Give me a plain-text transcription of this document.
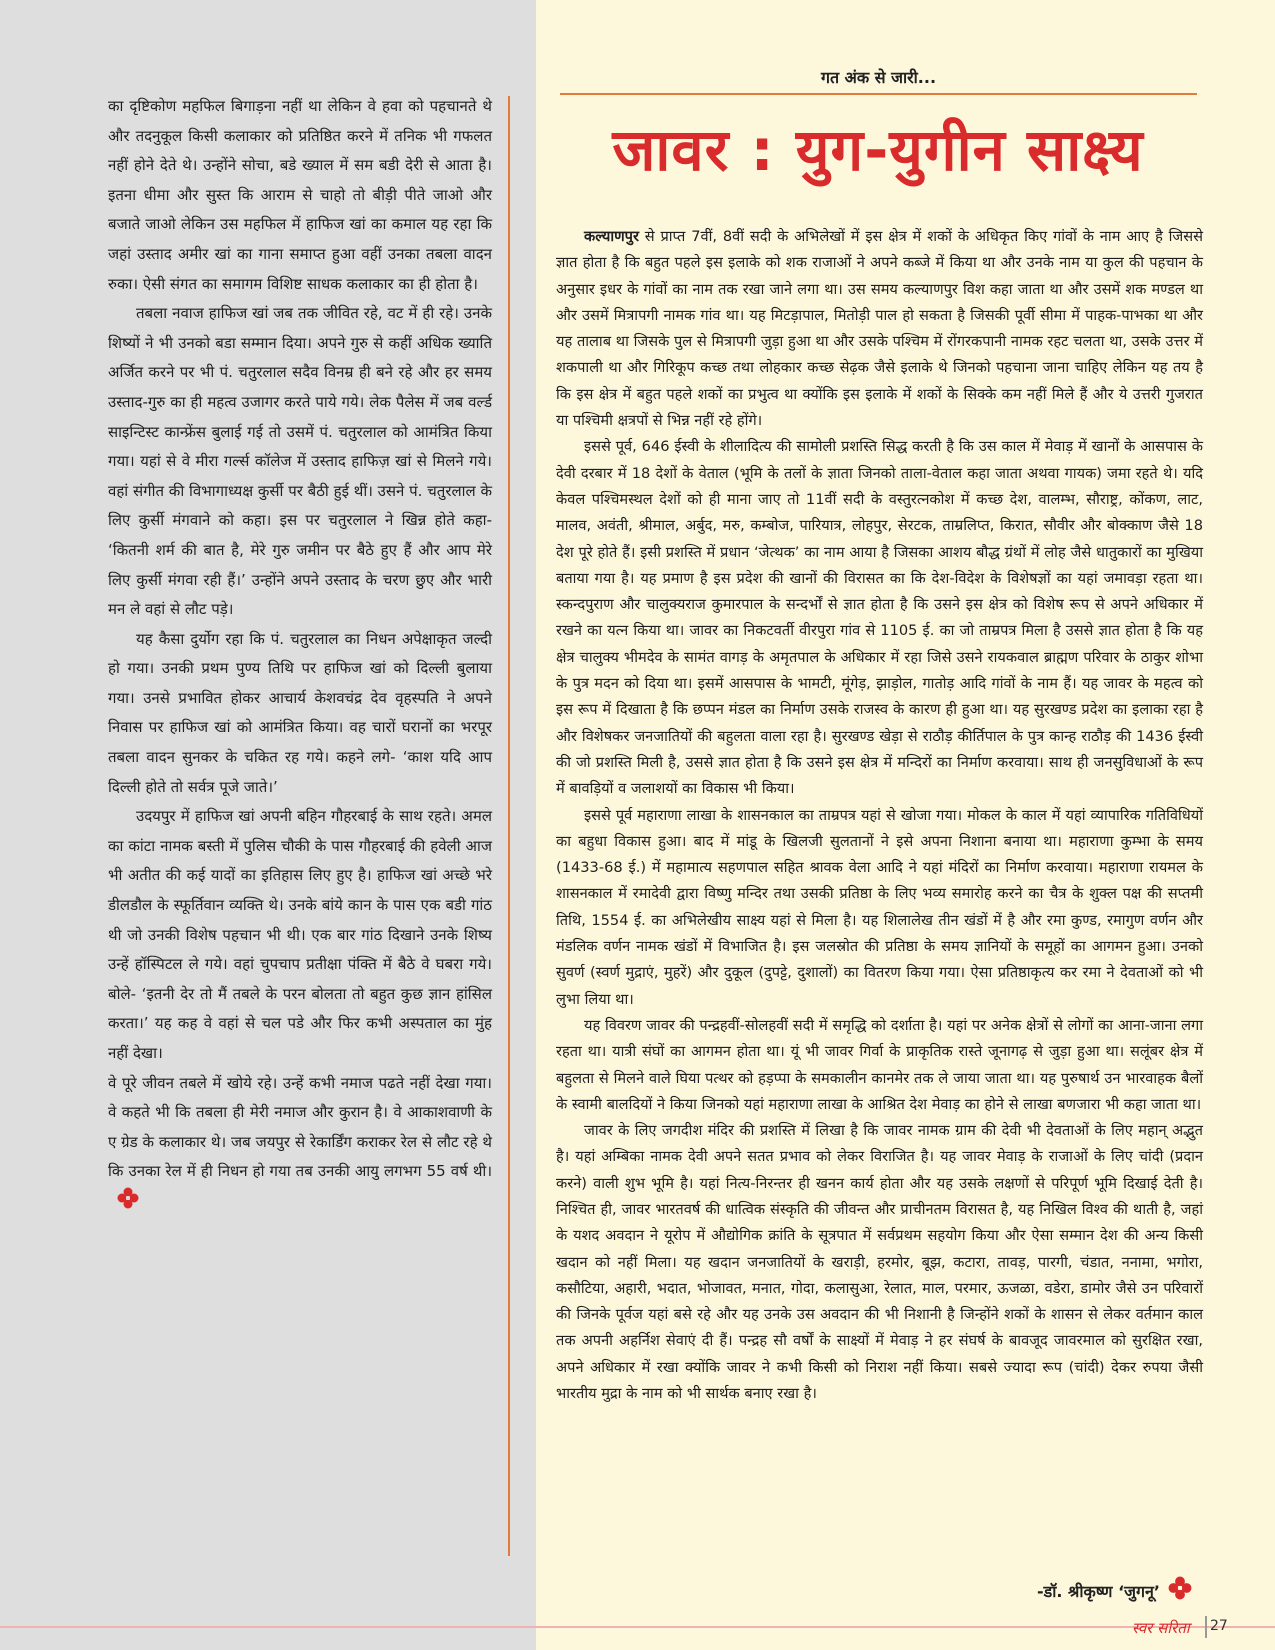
का दृष्टिकोण महफिल बिगाड़ना नहीं था लेकिन वे हवा को पहचानते थे और तदनुकूल किसी कलाकार को प्रतिष्ठित करने में तनिक भी गफलत नहीं होने देते थे। उन्होंने सोचा, बडे ख्याल में सम बडी देरी से आता है। इतना धीमा और सुस्त कि आराम से चाहो तो बीड़ी पीते जाओ और बजाते जाओ लेकिन उस महफिल में हाफिज खां का कमाल यह रहा कि जहां उस्ताद अमीर खां का गाना समाप्त हुआ वहीं उनका तबला वादन रुका। ऐसी संगत का समागम विशिष्ट साधक कलाकार का ही होता है।

तबला नवाज हाफिज खां जब तक जीवित रहे, वट में ही रहे। उनके शिष्यों ने भी उनको बडा सम्मान दिया। अपने गुरु से कहीं अधिक ख्याति अर्जित करने पर भी पं. चतुरलाल सदैव विनम्र ही बने रहे और हर समय उस्ताद-गुरु का ही महत्व उजागर करते पाये गये। लेक पैलेस में जब वर्ल्ड साइन्टिस्ट कान्फ्रेंस बुलाई गई तो उसमें पं. चतुरलाल को आमंत्रित किया गया। यहां से वे मीरा गर्ल्स कॉलेज में उस्ताद हाफिज़ खां से मिलने गये। वहां संगीत की विभागाध्यक्ष कुर्सी पर बैठी हुई थीं। उसने पं. चतुरलाल के लिए कुर्सी मंगवाने को कहा। इस पर चतुरलाल ने खिन्न होते कहा- ‘कितनी शर्म की बात है, मेरे गुरु जमीन पर बैठे हुए हैं और आप मेरे लिए कुर्सी मंगवा रही हैं।’ उन्होंने अपने उस्ताद के चरण छुए और भारी मन ले वहां से लौट पड़े।

यह कैसा दुर्योग रहा कि पं. चतुरलाल का निधन अपेक्षाकृत जल्दी हो गया। उनकी प्रथम पुण्य तिथि पर हाफिज खां को दिल्ली बुलाया गया। उनसे प्रभावित होकर आचार्य केशवचंद्र देव वृहस्पति ने अपने निवास पर हाफिज खां को आमंत्रित किया। वह चारों घरानों का भरपूर तबला वादन सुनकर के चकित रह गये। कहने लगे- ‘काश यदि आप दिल्ली होते तो सर्वत्र पूजे जाते।’

उदयपुर में हाफिज खां अपनी बहिन गौहरबाई के साथ रहते। अमल का कांटा नामक बस्ती में पुलिस चौकी के पास गौहरबाई की हवेली आज भी अतीत की कई यादों का इतिहास लिए हुए है। हाफिज खां अच्छे भरे डीलडौल के स्फूर्तिवान व्यक्ति थे। उनके बांये कान के पास एक बडी गांठ थी जो उनकी विशेष पहचान भी थी। एक बार गांठ दिखाने उनके शिष्य उन्हें हॉस्पिटल ले गये। वहां चुपचाप प्रतीक्षा पंक्ति में बैठे वे घबरा गये। बोले- ‘इतनी देर तो मैं तबले के परन बोलता तो बहुत कुछ ज्ञान हांसिल करता।’ यह कह वे वहां से चल पडे और फिर कभी अस्पताल का मुंह नहीं देखा।

वे पूरे जीवन तबले में खोये रहे। उन्हें कभी नमाज पढते नहीं देखा गया। वे कहते भी कि तबला ही मेरी नमाज और कुरान है। वे आकाशवाणी के ए ग्रेड के कलाकार थे। जब जयपुर से रेकार्डिंग कराकर रेल से लौट रहे थे कि उनका रेल में ही निधन हो गया तब उनकी आयु लगभग 55 वर्ष थी।

गत अंक से जारी...
जावर : युग-युगीन साक्ष्य

कल्याणपुर से प्राप्त 7वीं, 8वीं सदी के अभिलेखों में इस क्षेत्र में शकों के अधिकृत किए गांवों के नाम आए है जिससे ज्ञात होता है कि बहुत पहले इस इलाके को शक राजाओं ने अपने कब्जे में किया था और उनके नाम या कुल की पहचान के अनुसार इधर के गांवों का नाम तक रखा जाने लगा था। उस समय कल्याणपुर विश कहा जाता था और उसमें शक मण्डल था और उसमें मित्रापगी नामक गांव था। यह मिटड़ापाल, मितोड़ी पाल हो सकता है जिसकी पूर्वी सीमा में पाहक-पाभका था और यह तालाब था जिसके पुल से मित्रापगी जुड़ा हुआ था और उसके पश्चिम में रोंगरकपानी नामक रहट चलता था, उसके उत्तर में शकपाली था और गिरिकूप कच्छ तथा लोहकार कच्छ सेढ़क जैसे इलाके थे जिनको पहचाना जाना चाहिए लेकिन यह तय है कि इस क्षेत्र में बहुत पहले शकों का प्रभुत्व था क्योंकि इस इलाके में शकों के सिक्के कम नहीं मिले हैं और ये उत्तरी गुजरात या पश्चिमी क्षत्रपों से भिन्न नहीं रहे होंगे।

इससे पूर्व, 646 ईस्वी के शीलादित्य की सामोली प्रशस्ति सिद्ध करती है कि उस काल में मेवाड़ में खानों के आसपास के देवी दरबार में 18 देशों के वेताल (भूमि के तलों के ज्ञाता जिनको ताला-वेताल कहा जाता अथवा गायक) जमा रहते थे। यदि केवल पश्चिमस्थल देशों को ही माना जाए तो 11वीं सदी के वस्तुरत्नकोश में कच्छ देश, वालम्भ, सौराष्ट्र, कोंकण, लाट, मालव, अवंती, श्रीमाल, अर्बुद, मरु, कम्बोज, पारियात्र, लोहपुर, सेरटक, ताम्रलिप्त, किरात, सौवीर और बोक्काण जैसे 18 देश पूरे होते हैं। इसी प्रशस्ति में प्रधान ‘जेत्थक’ का नाम आया है जिसका आशय बौद्ध ग्रंथों में लोह जैसे धातुकारों का मुखिया बताया गया है। यह प्रमाण है इस प्रदेश की खानों की विरासत का कि देश-विदेश के विशेषज्ञों का यहां जमावड़ा रहता था। स्कन्दपुराण और चालुक्यराज कुमारपाल के सन्दर्भों से ज्ञात होता है कि उसने इस क्षेत्र को विशेष रूप से अपने अधिकार में रखने का यत्न किया था। जावर का निकटवर्ती वीरपुरा गांव से 1105 ई. का जो ताम्रपत्र मिला है उससे ज्ञात होता है कि यह क्षेत्र चालुक्य भीमदेव के सामंत वागड़ के अमृतपाल के अधिकार में रहा जिसे उसने रायकवाल ब्राह्मण परिवार के ठाकुर शोभा के पुत्र मदन को दिया था। इसमें आसपास के भामटी, मूंगेड़, झाड़ोल, गातोड़ आदि गांवों के नाम हैं। यह जावर के महत्व को इस रूप में दिखाता है कि छप्पन मंडल का निर्माण उसके राजस्व के कारण ही हुआ था। यह सुरखण्ड प्रदेश का इलाका रहा है और विशेषकर जनजातियों की बहुलता वाला रहा है। सुरखण्ड खेड़ा से राठौड़ कीर्तिपाल के पुत्र कान्ह राठौड़ की 1436 ईस्वी की जो प्रशस्ति मिली है, उससे ज्ञात होता है कि उसने इस क्षेत्र में मन्दिरों का निर्माण करवाया। साथ ही जनसुविधाओं के रूप में बावड़ियों व जलाशयों का विकास भी किया।

इससे पूर्व महाराणा लाखा के शासनकाल का ताम्रपत्र यहां से खोजा गया। मोकल के काल में यहां व्यापारिक गतिविधियों का बहुधा विकास हुआ। बाद में मांडू के खिलजी सुलतानों ने इसे अपना निशाना बनाया था। महाराणा कुम्भा के समय (1433-68 ई.) में महामात्य सहणपाल सहित श्रावक वेला आदि ने यहां मंदिरों का निर्माण करवाया। महाराणा रायमल के शासनकाल में रमादेवी द्वारा विष्णु मन्दिर तथा उसकी प्रतिष्ठा के लिए भव्य समारोह करने का चैत्र के शुक्ल पक्ष की सप्तमी तिथि, 1554 ई. का अभिलेखीय साक्ष्य यहां से मिला है। यह शिलालेख तीन खंडों में है और रमा कुण्ड, रमागुण वर्णन और मंडलिक वर्णन नामक खंडों में विभाजित है। इस जलस्रोत की प्रतिष्ठा के समय ज्ञानियों के समूहों का आगमन हुआ। उनको सुवर्ण (स्वर्ण मुद्राएं, मुहरें) और दुकूल (दुपट्टे, दुशालों) का वितरण किया गया। ऐसा प्रतिष्ठाकृत्य कर रमा ने देवताओं को भी लुभा लिया था।

यह विवरण जावर की पन्द्रहवीं-सोलहवीं सदी में समृद्धि को दर्शाता है। यहां पर अनेक क्षेत्रों से लोगों का आना-जाना लगा रहता था। यात्री संघों का आगमन होता था। यूं भी जावर गिर्वा के प्राकृतिक रास्ते जूनागढ़ से जुड़ा हुआ था। सलूंबर क्षेत्र में बहुलता से मिलने वाले घिया पत्थर को हड़प्पा के समकालीन कानमेर तक ले जाया जाता था। यह पुरुषार्थ उन भारवाहक बैलों के स्वामी बालदियों ने किया जिनको यहां महाराणा लाखा के आश्रित देश मेवाड़ का होने से लाखा बणजारा भी कहा जाता था।

जावर के लिए जगदीश मंदिर की प्रशस्ति में लिखा है कि जावर नामक ग्राम की देवी भी देवताओं के लिए महान् अद्भुत है। यहां अम्बिका नामक देवी अपने सतत प्रभाव को लेकर विराजित है। यह जावर मेवाड़ के राजाओं के लिए चांदी (प्रदान करने) वाली शुभ भूमि है। यहां नित्य-निरन्तर ही खनन कार्य होता और यह उसके लक्षणों से परिपूर्ण भूमि दिखाई देती है। निश्चित ही, जावर भारतवर्ष की धात्विक संस्कृति की जीवन्त और प्राचीनतम विरासत है, यह निखिल विश्व की थाती है, जहां के यशद अवदान ने यूरोप में औद्योगिक क्रांति के सूत्रपात में सर्वप्रथम सहयोग किया और ऐसा सम्मान देश की अन्य किसी खदान को नहीं मिला। यह खदान जनजातियों के खराड़ी, हरमोर, बूझ, कटारा, तावड़, पारगी, चंडात, ननामा, भगोरा, कसौटिया, अहारी, भदात, भोजावत, मनात, गोदा, कलासुआ, रेलात, माल, परमार, ऊजळा, वडेरा, डामोर जैसे उन परिवारों की जिनके पूर्वज यहां बसे रहे और यह उनके उस अवदान की भी निशानी है जिन्होंने शकों के शासन से लेकर वर्तमान काल तक अपनी अहर्निश सेवाएं दी हैं। पन्द्रह सौ वर्षों के साक्ष्यों में मेवाड़ ने हर संघर्ष के बावजूद जावरमाल को सुरक्षित रखा, अपने अधिकार में रखा क्योंकि जावर ने कभी किसी को निराश नहीं किया। सबसे ज्यादा रूप (चांदी) देकर रुपया जैसी भारतीय मुद्रा के नाम को भी सार्थक बनाए रखा है।

-डॉ. श्रीकृष्ण ‘जुगनू’
स्वर सरिता 27
